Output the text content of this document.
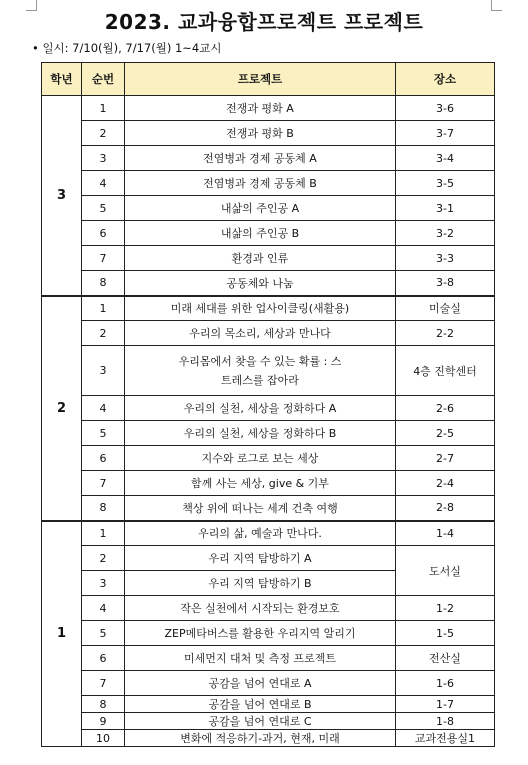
2023. 교과융합프로젝트 프로젝트
• 일시: 7/10(월), 7/17(월) 1~4교시
학년	순번	프로젝트	장소
3	1	전쟁과 평화 A	3-6
	2	전쟁과 평화 B	3-7
	3	전염병과 경제 공동체 A	3-4
	4	전염병과 경제 공동체 B	3-5
	5	내삶의 주인공 A	3-1
	6	내삶의 주인공 B	3-2
	7	환경과 인류	3-3
	8	공동체와 나눔	3-8
2	1	미래 세대를 위한 업사이클링(새활용)	미술실
	2	우리의 목소리, 세상과 만나다	2-2
	3	우리몸에서 찾을 수 있는 확률 : 스트레스를 잡아라	4층 진학센터
	4	우리의 실천, 세상을 정화하다 A	2-6
	5	우리의 실천, 세상을 정화하다 B	2-5
	6	지수와 로그로 보는 세상	2-7
	7	함께 사는 세상, give & 기부	2-4
	8	책상 위에 떠나는 세계 건축 여행	2-8
1	1	우리의 삶, 예술과 만나다.	1-4
	2	우리 지역 탐방하기 A	도서실
	3	우리 지역 탐방하기 B	
	4	작은 실천에서 시작되는 환경보호	1-2
	5	ZEP메타버스를 활용한 우리지역 알리기	1-5
	6	미세먼지 대처 및 측정 프로젝트	전산실
	7	공감을 넘어 연대로 A	1-6
	8	공감을 넘어 연대로 B	1-7
	9	공감을 넘어 연대로 C	1-8
	10	변화에 적응하기-과거, 현재, 미래	교과전용실1
